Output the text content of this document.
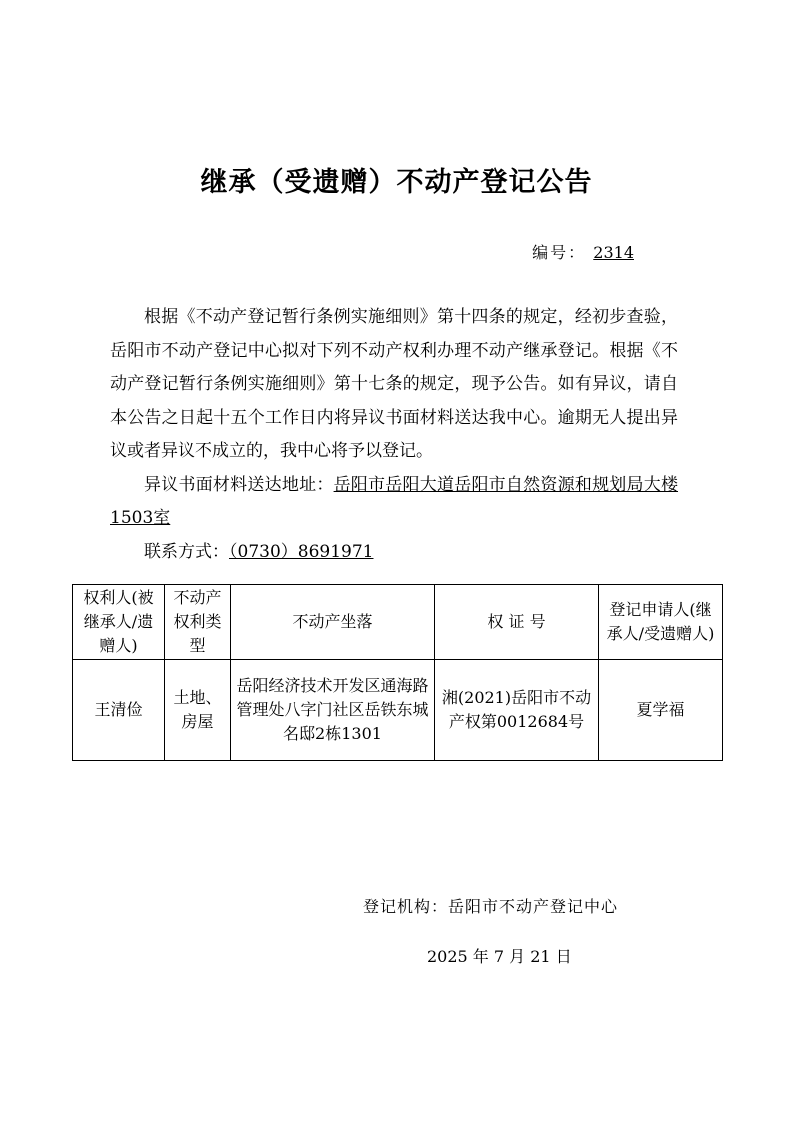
继承（受遗赠）不动产登记公告
编号： 2314

根据《不动产登记暂行条例实施细则》第十四条的规定，经初步查验，岳阳市不动产登记中心拟对下列不动产权利办理不动产继承登记。根据《不动产登记暂行条例实施细则》第十七条的规定，现予公告。如有异议，请自本公告之日起十五个工作日内将异议书面材料送达我中心。逾期无人提出异议或者异议不成立的，我中心将予以登记。

异议书面材料送达地址：岳阳市岳阳大道岳阳市自然资源和规划局大楼1503室

联系方式：（0730）8691971

权利人(被继承人/遗赠人)	不动产权利类型	不动产坐落	权 证 号	登记申请人(继承人/受遗赠人)
王清俭	土地、房屋	岳阳经济技术开发区通海路管理处八字门社区岳铁东城名邸2栋1301	湘(2021)岳阳市不动产权第0012684号	夏学福
登记机构：岳阳市不动产登记中心
2025 年 7 月 21 日
